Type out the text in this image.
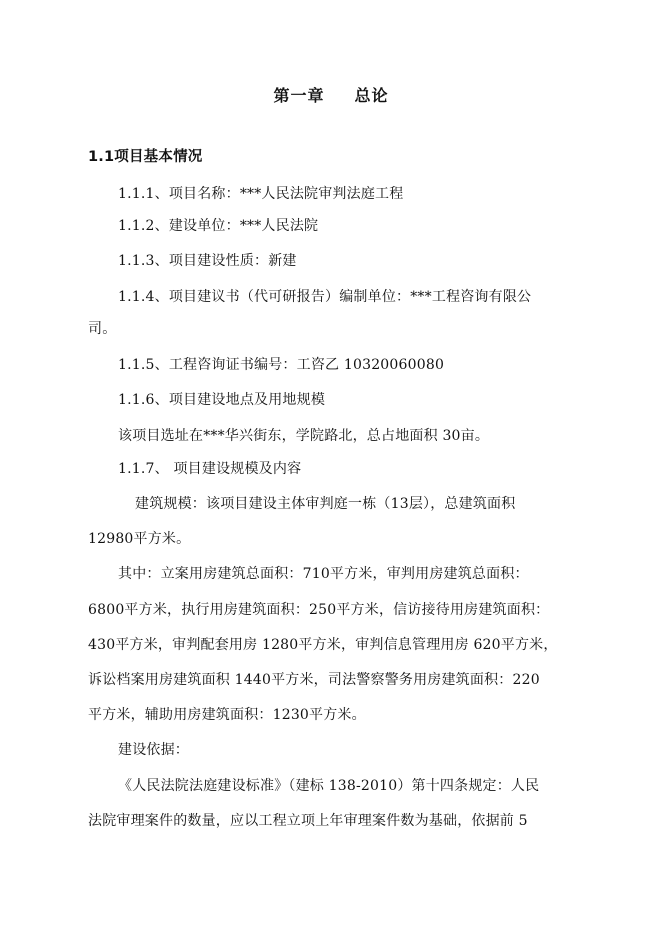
第一章 总论
1.1项目基本情况
1.1.1、项目名称：***人民法院审判法庭工程
1.1.2、建设单位：***人民法院
1.1.3、项目建设性质：新建
1.1.4、项目建议书（代可研报告）编制单位：***工程咨询有限公
司。
1.1.5、工程咨询证书编号：工咨乙 10320060080
1.1.6、项目建设地点及用地规模
该项目选址在***华兴街东，学院路北，总占地面积 30亩。
1.1.7、 项目建设规模及内容
建筑规模：该项目建设主体审判庭一栋（13层），总建筑面积
12980平方米。
其中：立案用房建筑总面积：710平方米，审判用房建筑总面积：
6800平方米，执行用房建筑面积：250平方米，信访接待用房建筑面积：
430平方米，审判配套用房 1280平方米，审判信息管理用房 620平方米，
诉讼档案用房建筑面积 1440平方米，司法警察警务用房建筑面积：220
平方米，辅助用房建筑面积：1230平方米。
建设依据：
《人民法院法庭建设标准》（建标 138-2010）第十四条规定：人民
法院审理案件的数量，应以工程立项上年审理案件数为基础，依据前 5
